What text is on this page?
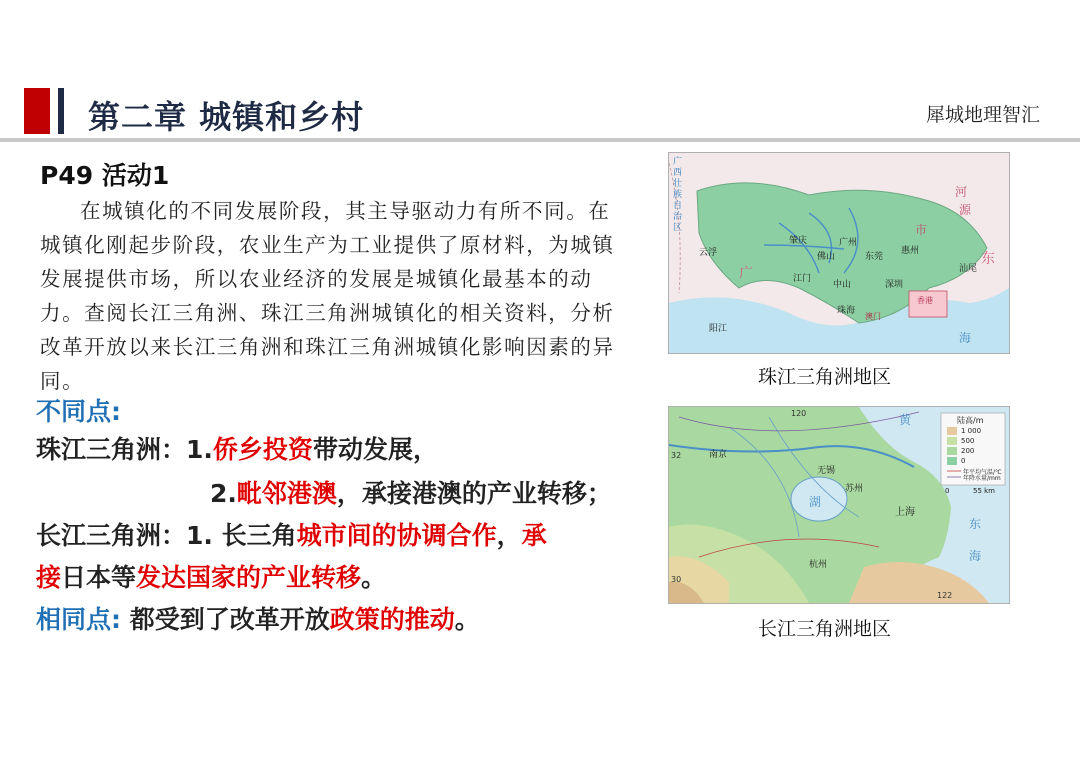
第二章 城镇和乡村	犀城地理智汇
P49 活动1
在城镇化的不同发展阶段，其主导驱动力有所不同。在城镇化刚起步阶段，农业生产为工业提供了原材料，为城镇发展提供市场，所以农业经济的发展是城镇化最基本的动力。查阅长江三角洲、珠江三角洲城镇化的相关资料，分析改革开放以来长江三角洲和珠江三角洲城镇化影响因素的异同。
不同点:
珠江三角洲：1.侨乡投资带动发展，
2.毗邻港澳，承接港澳的产业转移；
长江三角洲：1. 长三角城市间的协调合作，承
接日本等发达国家的产业转移。
相同点: 都受到了改革开放政策的推动。
广西壮族自治区
广
东
河
源
广州
东莞
惠州
肇庆
佛山
江门
中山
珠海
深圳
香港
澳门
云浮
阳江
汕尾
海
市
珠江三角洲地区
南京
无锡
苏州
上海
杭州
湖
东
海
黄
120
122
32
30
陆高/m
1 000
500
200
0
年平均气温/℃
年降水量/mm
0	55 km
长江三角洲地区
